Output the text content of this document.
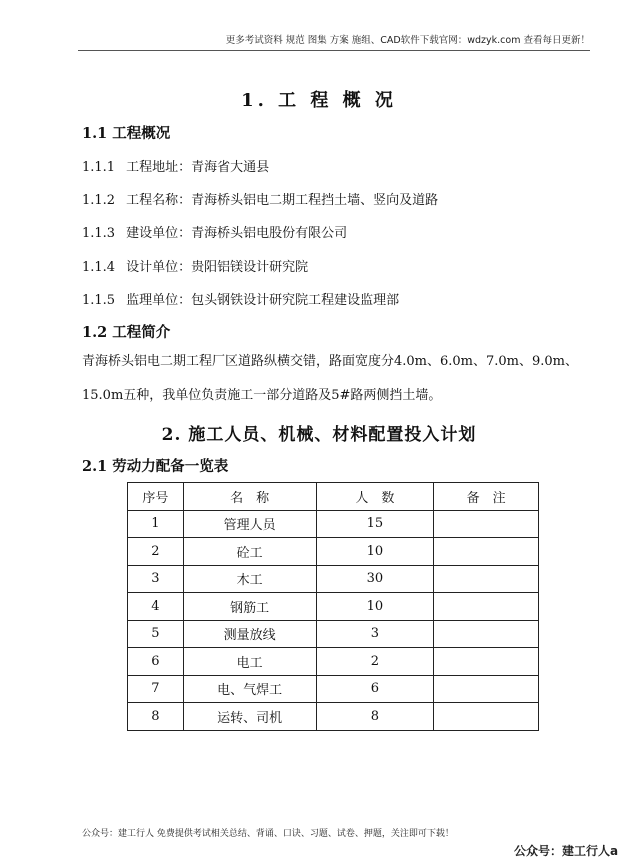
更多考试资料 规范 图集 方案 施组、CAD软件下载官网：wdzyk.com 查看每日更新！
1. 工 程 概 况
1.1 工程概况
1.1.1 工程地址：青海省大通县
1.1.2 工程名称：青海桥头铝电二期工程挡土墙、竖向及道路
1.1.3 建设单位：青海桥头铝电股份有限公司
1.1.4 设计单位：贵阳铝镁设计研究院
1.1.5 监理单位：包头钢铁设计研究院工程建设监理部
1.2 工程简介
青海桥头铝电二期工程厂区道路纵横交错，路面宽度分4.0m、6.0m、7.0m、9.0m、15.0m五种，我单位负责施工一部分道路及5#路两侧挡土墙。
2. 施工人员、机械、材料配置投入计划
2.1 劳动力配备一览表
序号	名　称	人　数	备　注
1	管理人员	15	
2	砼工	10	
3	木工	30	
4	钢筋工	10	
5	测量放线	3	
6	电工	2	
7	电、气焊工	6	
8	运转、司机	8	
公众号：建工行人 免费提供考试相关总结、背诵、口诀、习题、试卷、押题，关注即可下载！
公众号：建工行人a
